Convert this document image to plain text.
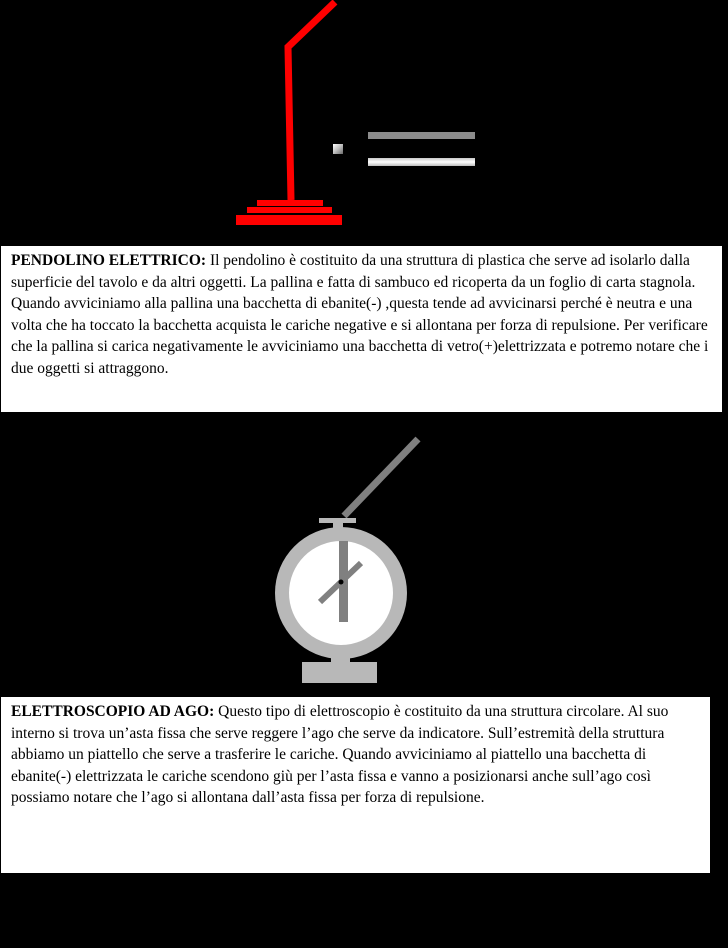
PENDOLINO ELETTRICO: Il pendolino è costituito da una struttura di plastica che serve ad isolarlo dalla superficie del tavolo e da altri oggetti. La pallina e fatta di sambuco ed ricoperta da un foglio di carta stagnola. Quando avviciniamo alla pallina una bacchetta di ebanite(-) ,questa tende ad avvicinarsi perché è neutra e una volta che ha toccato la bacchetta acquista le cariche negative e si allontana per forza di repulsione. Per verificare che la pallina si carica negativamente le avviciniamo una bacchetta di vetro(+)elettrizzata e potremo notare che i due oggetti si attraggono.
ELETTROSCOPIO AD AGO: Questo tipo di elettroscopio è costituito da una struttura circolare. Al suo interno si trova un’asta fissa che serve reggere l’ago che serve da indicatore. Sull’estremità della struttura abbiamo un piattello che serve a trasferire le cariche. Quando avviciniamo al piattello una bacchetta di ebanite(-) elettrizzata le cariche scendono giù per l’asta fissa e vanno a posizionarsi anche sull’ago così possiamo notare che l’ago si allontana dall’asta fissa per forza di repulsione.
